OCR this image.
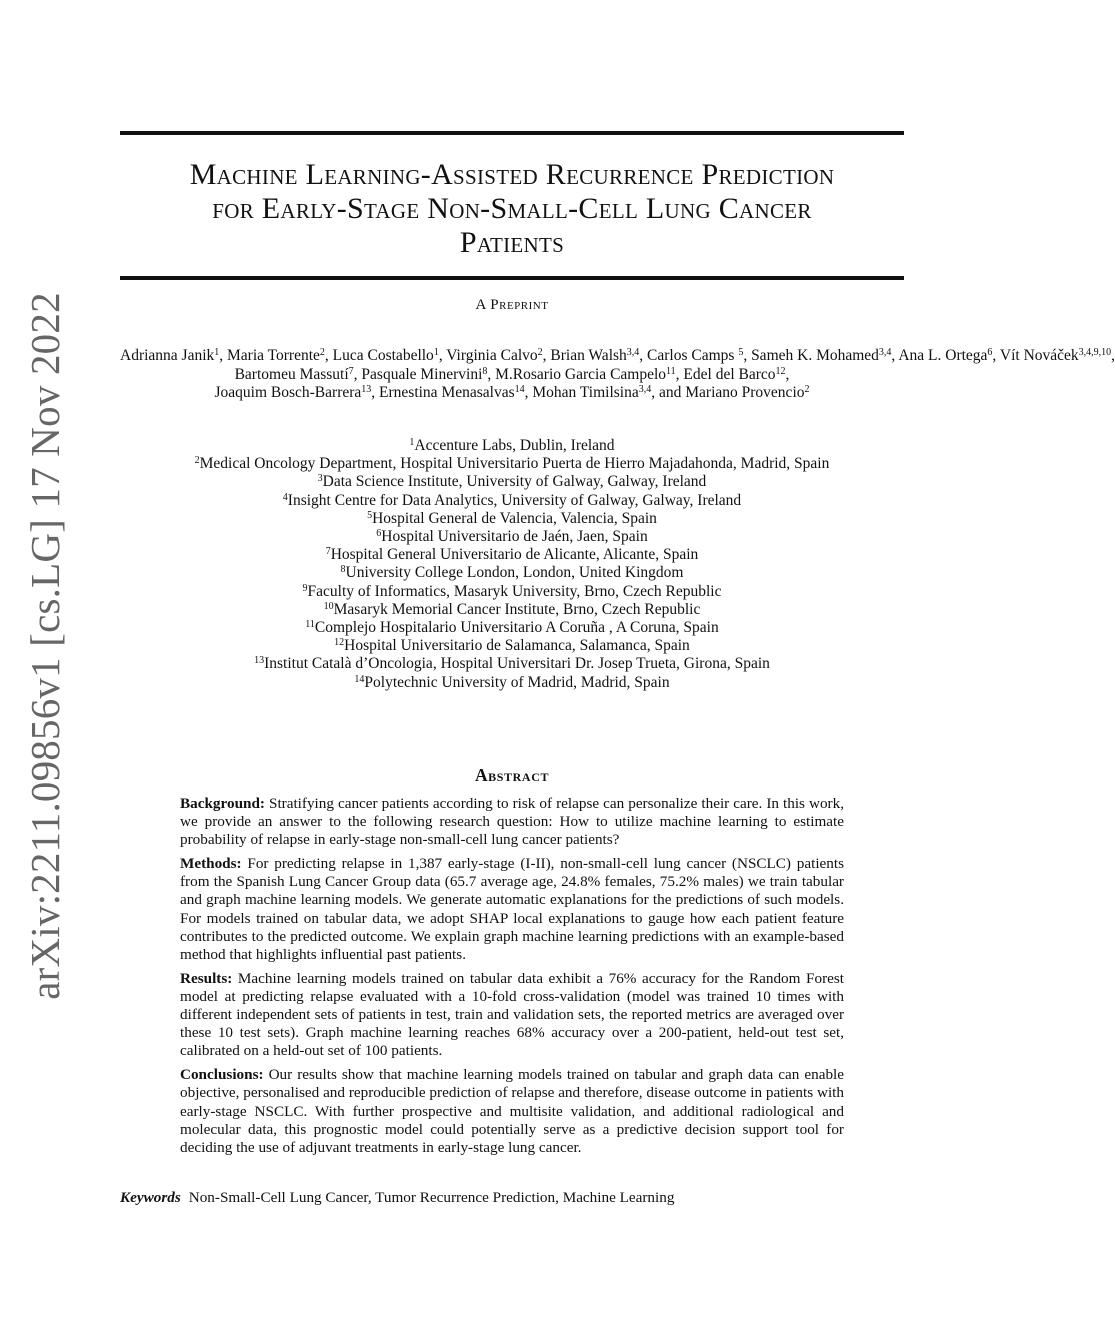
arXiv:2211.09856v1 [cs.LG] 17 Nov 2022
Machine Learning-Assisted Recurrence Prediction
for Early-Stage Non-Small-Cell Lung Cancer
Patients
A Preprint

Adrianna Janik$^1$, Maria Torrente$^2$, Luca Costabello$^1$, Virginia Calvo$^2$, Brian Walsh$^{3,4}$, Carlos Camps $^5$, Sameh K. Mohamed$^{3,4}$, Ana L. Ortega$^6$, Vít Nováček$^{3,4,9,10}$,
Bartomeu Massutí$^7$, Pasquale Minervini$^8$, M.Rosario Garcia Campelo$^{11}$, Edel del Barco$^{12}$,
Joaquim Bosch-Barrera$^{13}$, Ernestina Menasalvas$^{14}$, Mohan Timilsina$^{3,4}$, and Mariano Provencio$^2$

$^1$Accenture Labs, Dublin, Ireland
$^2$Medical Oncology Department, Hospital Universitario Puerta de Hierro Majadahonda, Madrid, Spain
$^3$Data Science Institute, University of Galway, Galway, Ireland
$^4$Insight Centre for Data Analytics, University of Galway, Galway, Ireland
$^5$Hospital General de Valencia, Valencia, Spain
$^6$Hospital Universitario de Jaén, Jaen, Spain
$^7$Hospital General Universitario de Alicante, Alicante, Spain
$^8$University College London, London, United Kingdom
$^9$Faculty of Informatics, Masaryk University, Brno, Czech Republic
$^{10}$Masaryk Memorial Cancer Institute, Brno, Czech Republic
$^{11}$Complejo Hospitalario Universitario A Coruña , A Coruna, Spain
$^{12}$Hospital Universitario de Salamanca, Salamanca, Spain
$^{13}$Institut Català d’Oncologia, Hospital Universitari Dr. Josep Trueta, Girona, Spain
$^{14}$Polytechnic University of Madrid, Madrid, Spain
Abstract

Background: Stratifying cancer patients according to risk of relapse can personalize their care. In this work, we provide an answer to the following research question: How to utilize machine learning to estimate probability of relapse in early-stage non-small-cell lung cancer patients?

Methods: For predicting relapse in 1,387 early-stage (I-II), non-small-cell lung cancer (NSCLC) patients from the Spanish Lung Cancer Group data (65.7 average age, 24.8% females, 75.2% males) we train tabular and graph machine learning models. We generate automatic explanations for the predictions of such models. For models trained on tabular data, we adopt SHAP local explanations to gauge how each patient feature contributes to the predicted outcome. We explain graph machine learning predictions with an example-based method that highlights influential past patients.

Results: Machine learning models trained on tabular data exhibit a 76% accuracy for the Random Forest model at predicting relapse evaluated with a 10-fold cross-validation (model was trained 10 times with different independent sets of patients in test, train and validation sets, the reported metrics are averaged over these 10 test sets). Graph machine learning reaches 68% accuracy over a 200-patient, held-out test set, calibrated on a held-out set of 100 patients.

Conclusions: Our results show that machine learning models trained on tabular and graph data can enable objective, personalised and reproducible prediction of relapse and therefore, disease outcome in patients with early-stage NSCLC. With further prospective and multisite validation, and additional radiological and molecular data, this prognostic model could potentially serve as a predictive decision support tool for deciding the use of adjuvant treatments in early-stage lung cancer.

Keywords Non-Small-Cell Lung Cancer, Tumor Recurrence Prediction, Machine Learning
